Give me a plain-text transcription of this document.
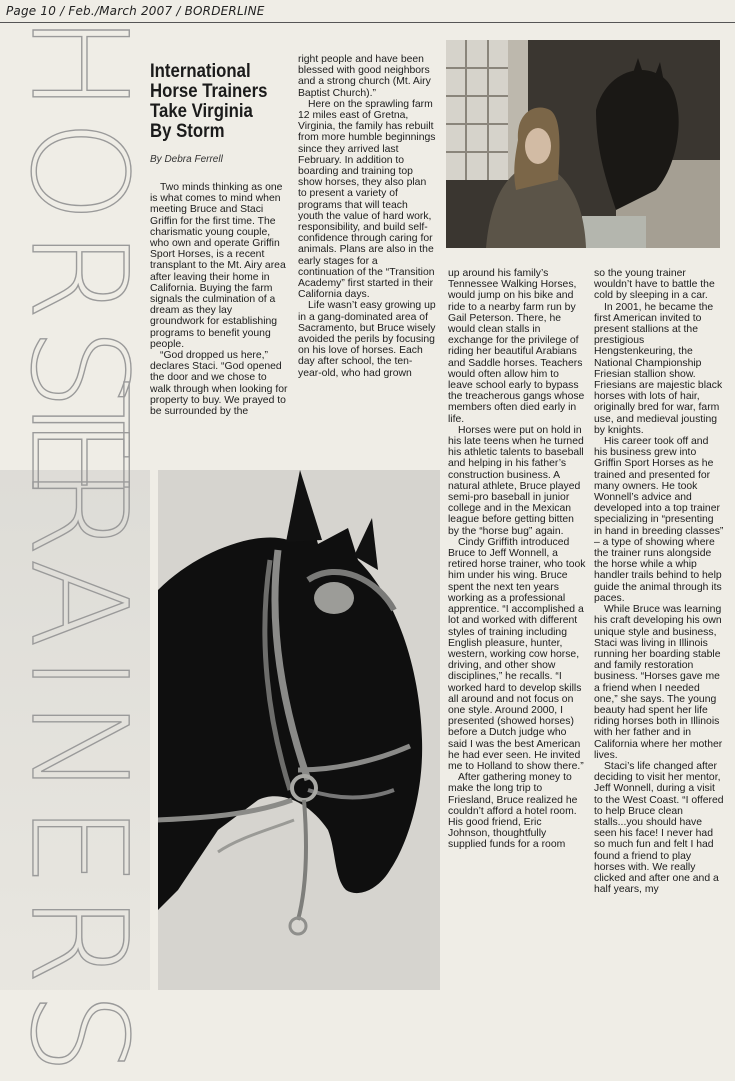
Page 10 / Feb./March 2007 / BORDERLINE
HORSE
TRAINERS
International Horse Trainers Take Virginia By Storm
By Debra Ferrell

Two minds thinking as one is what comes to mind when meeting Bruce and Staci Griffin for the first time. The charismatic young couple, who own and operate Griffin Sport Horses, is a recent transplant to the Mt. Airy area after leaving their home in California. Buying the farm signals the culmination of a dream as they lay groundwork for establishing programs to benefit young people.

“God dropped us here,” declares Staci. “God opened the door and we chose to walk through when looking for property to buy. We prayed to be surrounded by the

right people and have been blessed with good neighbors and a strong church (Mt. Airy Baptist Church).”

Here on the sprawling farm 12 miles east of Gretna, Virginia, the family has rebuilt from more humble beginnings since they arrived last February. In addition to boarding and training top show horses, they also plan to present a variety of programs that will teach youth the value of hard work, responsibility, and build self-confidence through caring for animals. Plans are also in the early stages for a continuation of the “Transition Academy” first started in their California days.

Life wasn’t easy growing up in a gang-dominated area of Sacramento, but Bruce wisely avoided the perils by focusing on his love of horses. Each day after school, the ten-year-old, who had grown

up around his family’s Tennessee Walking Horses, would jump on his bike and ride to a nearby farm run by Gail Peterson. There, he would clean stalls in exchange for the privilege of riding her beautiful Arabians and Saddle horses. Teachers would often allow him to leave school early to bypass the treacherous gangs whose members often died early in life.

Horses were put on hold in his late teens when he turned his athletic talents to baseball and helping in his father’s construction business. A natural athlete, Bruce played semi-pro baseball in junior college and in the Mexican league before getting bitten by the “horse bug” again.

Cindy Griffith introduced Bruce to Jeff Wonnell, a retired horse trainer, who took him under his wing. Bruce spent the next ten years working as a professional apprentice. “I accomplished a lot and worked with different styles of training including English pleasure, hunter, western, working cow horse, driving, and other show disciplines,” he recalls. “I worked hard to develop skills all around and not focus on one style. Around 2000, I presented (showed horses) before a Dutch judge who said I was the best American he had ever seen. He invited me to Holland to show there.”

After gathering money to make the long trip to Friesland, Bruce realized he couldn’t afford a hotel room. His good friend, Eric Johnson, thoughtfully supplied funds for a room

so the young trainer wouldn’t have to battle the cold by sleeping in a car.

In 2001, he became the first American invited to present stallions at the prestigious Hengstenkeuring, the National Championship Friesian stallion show. Friesians are majestic black horses with lots of hair, originally bred for war, farm use, and medieval jousting by knights.

His career took off and his business grew into Griffin Sport Horses as he trained and presented for many owners. He took Wonnell’s advice and developed into a top trainer specializing in “presenting in hand in breeding classes” – a type of showing where the trainer runs alongside the horse while a whip handler trails behind to help guide the animal through its paces.

While Bruce was learning his craft developing his own unique style and business, Staci was living in Illinois running her boarding stable and family restoration business. “Horses gave me a friend when I needed one,” she says. The young beauty had spent her life riding horses both in Illinois with her father and in California where her mother lives.

Staci’s life changed after deciding to visit her mentor, Jeff Wonnell, during a visit to the West Coast. “I offered to help Bruce clean stalls...you should have seen his face! I never had so much fun and felt I had found a friend to play horses with. We really clicked and after one and a half years, my
